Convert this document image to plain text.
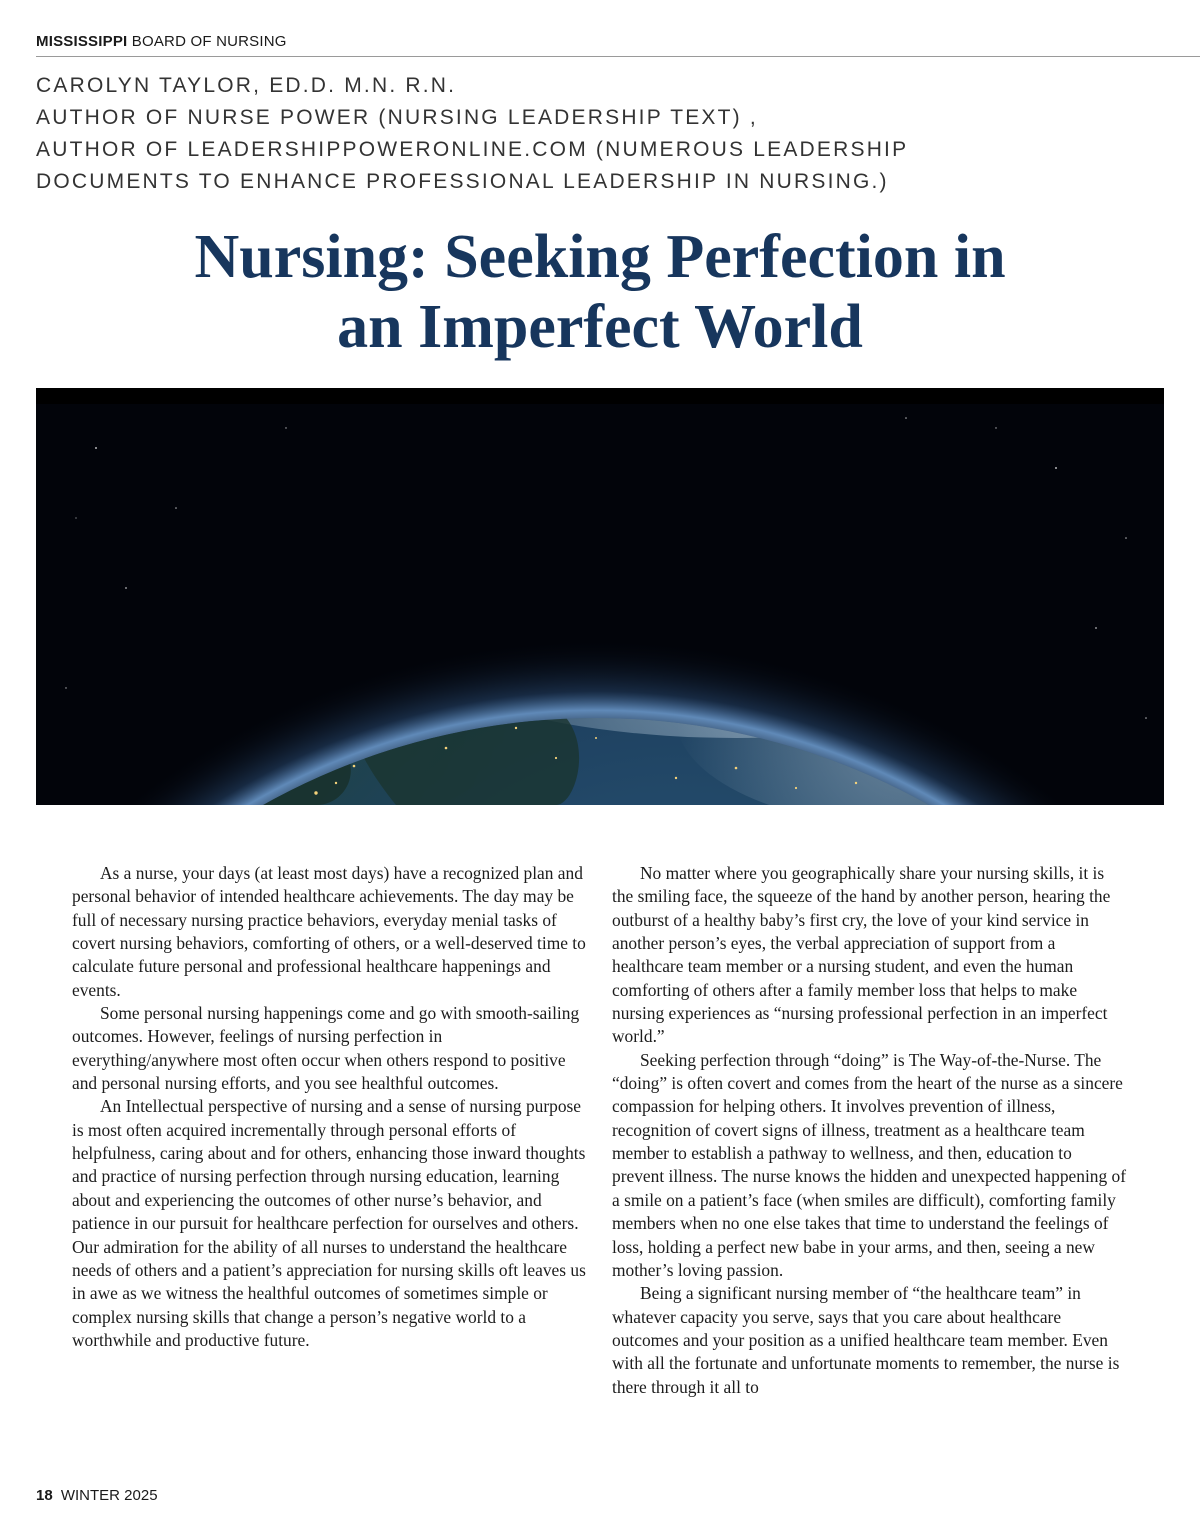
MISSISSIPPI BOARD OF NURSING
CAROLYN TAYLOR, ED.D. M.N. R.N.
AUTHOR OF NURSE POWER (NURSING LEADERSHIP TEXT) ,
AUTHOR OF LEADERSHIPPOWERONLINE.COM (NUMEROUS LEADERSHIP
DOCUMENTS TO ENHANCE PROFESSIONAL LEADERSHIP IN NURSING.)
Nursing: Seeking Perfection in
an Imperfect World

As a nurse, your days (at least most days) have a recognized plan and personal behavior of intended healthcare achievements. The day may be full of necessary nursing practice behaviors, everyday menial tasks of covert nursing behaviors, comforting of others, or a well-deserved time to calculate future personal and professional healthcare happenings and events.

Some personal nursing happenings come and go with smooth-sailing outcomes. However, feelings of nursing perfection in everything/anywhere most often occur when others respond to positive and personal nursing efforts, and you see healthful outcomes.

An Intellectual perspective of nursing and a sense of nursing purpose is most often acquired incrementally through personal efforts of helpfulness, caring about and for others, enhancing those inward thoughts and practice of nursing perfection through nursing education, learning about and experiencing the outcomes of other nurse’s behavior, and patience in our pursuit for healthcare perfection for ourselves and others. Our admiration for the ability of all nurses to understand the healthcare needs of others and a patient’s appreciation for nursing skills oft leaves us in awe as we witness the healthful outcomes of sometimes simple or complex nursing skills that change a person’s negative world to a worthwhile and productive future.

No matter where you geographically share your nursing skills, it is the smiling face, the squeeze of the hand by another person, hearing the outburst of a healthy baby’s first cry, the love of your kind service in another person’s eyes, the verbal appreciation of support from a healthcare team member or a nursing student, and even the human comforting of others after a family member loss that helps to make nursing experiences as “nursing professional perfection in an imperfect world.”

Seeking perfection through “doing” is The Way-of-the-Nurse. The “doing” is often covert and comes from the heart of the nurse as a sincere compassion for helping others. It involves prevention of illness, recognition of covert signs of illness, treatment as a healthcare team member to establish a pathway to wellness, and then, education to prevent illness. The nurse knows the hidden and unexpected happening of a smile on a patient’s face (when smiles are difficult), comforting family members when no one else takes that time to understand the feelings of loss, holding a perfect new babe in your arms, and then, seeing a new mother’s loving passion.

Being a significant nursing member of “the healthcare team” in whatever capacity you serve, says that you care about healthcare outcomes and your position as a unified healthcare team member. Even with all the fortunate and unfortunate moments to remember, the nurse is there through it all to

18 WINTER 2025
